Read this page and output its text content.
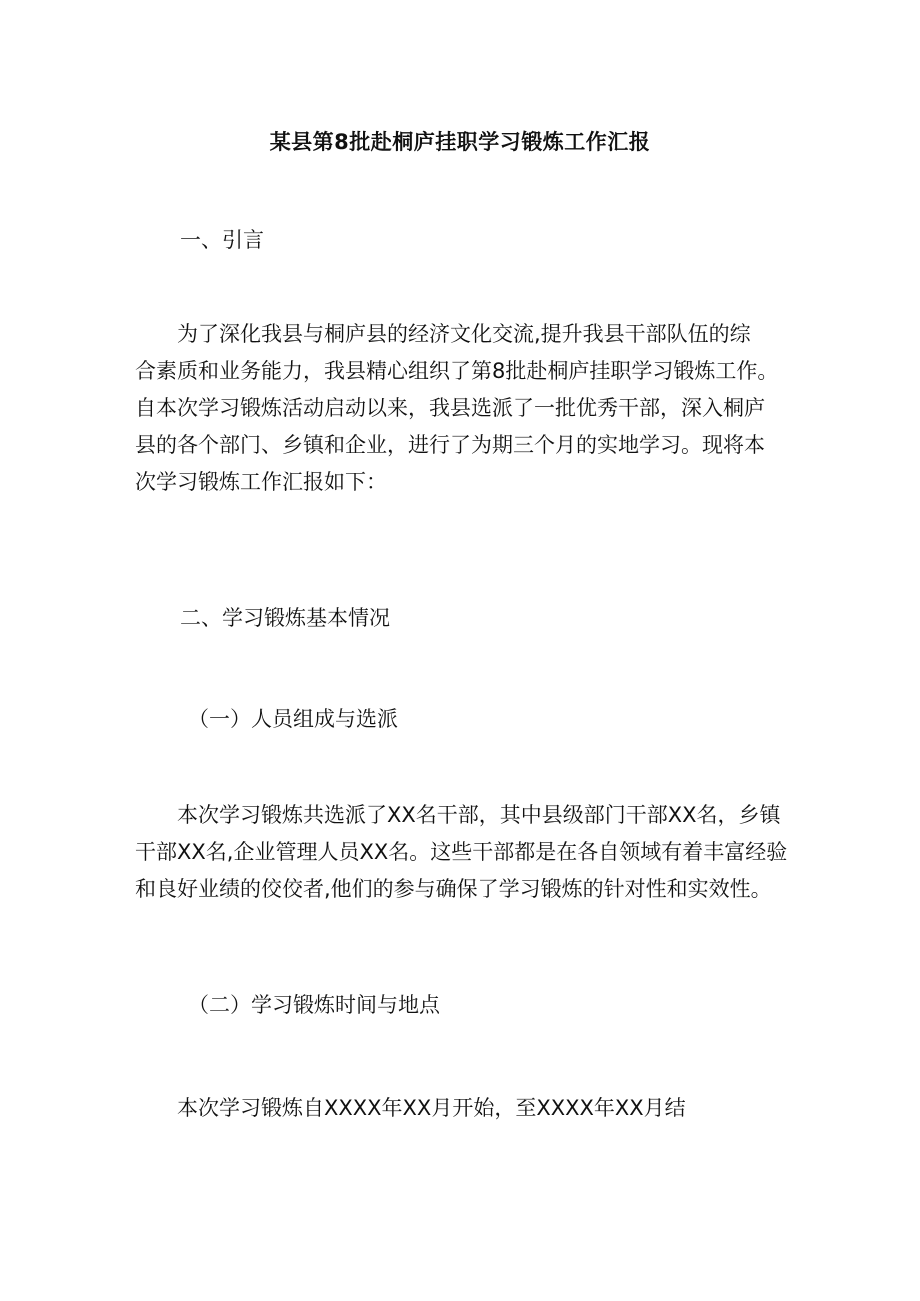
某县第8批赴桐庐挂职学习锻炼工作汇报
一、引言
为了深化我县与桐庐县的经济文化交流,提升我县干部队伍的综
合素质和业务能力，我县精心组织了第8批赴桐庐挂职学习锻炼工作。
自本次学习锻炼活动启动以来，我县选派了一批优秀干部，深入桐庐
县的各个部门、乡镇和企业，进行了为期三个月的实地学习。现将本
次学习锻炼工作汇报如下：
二、学习锻炼基本情况
（一）人员组成与选派
本次学习锻炼共选派了XX名干部，其中县级部门干部XX名，乡镇
干部XX名,企业管理人员XX名。这些干部都是在各自领域有着丰富经验
和良好业绩的佼佼者,他们的参与确保了学习锻炼的针对性和实效性。
（二）学习锻炼时间与地点
本次学习锻炼自XXXX年XX月开始，至XXXX年XX月结
